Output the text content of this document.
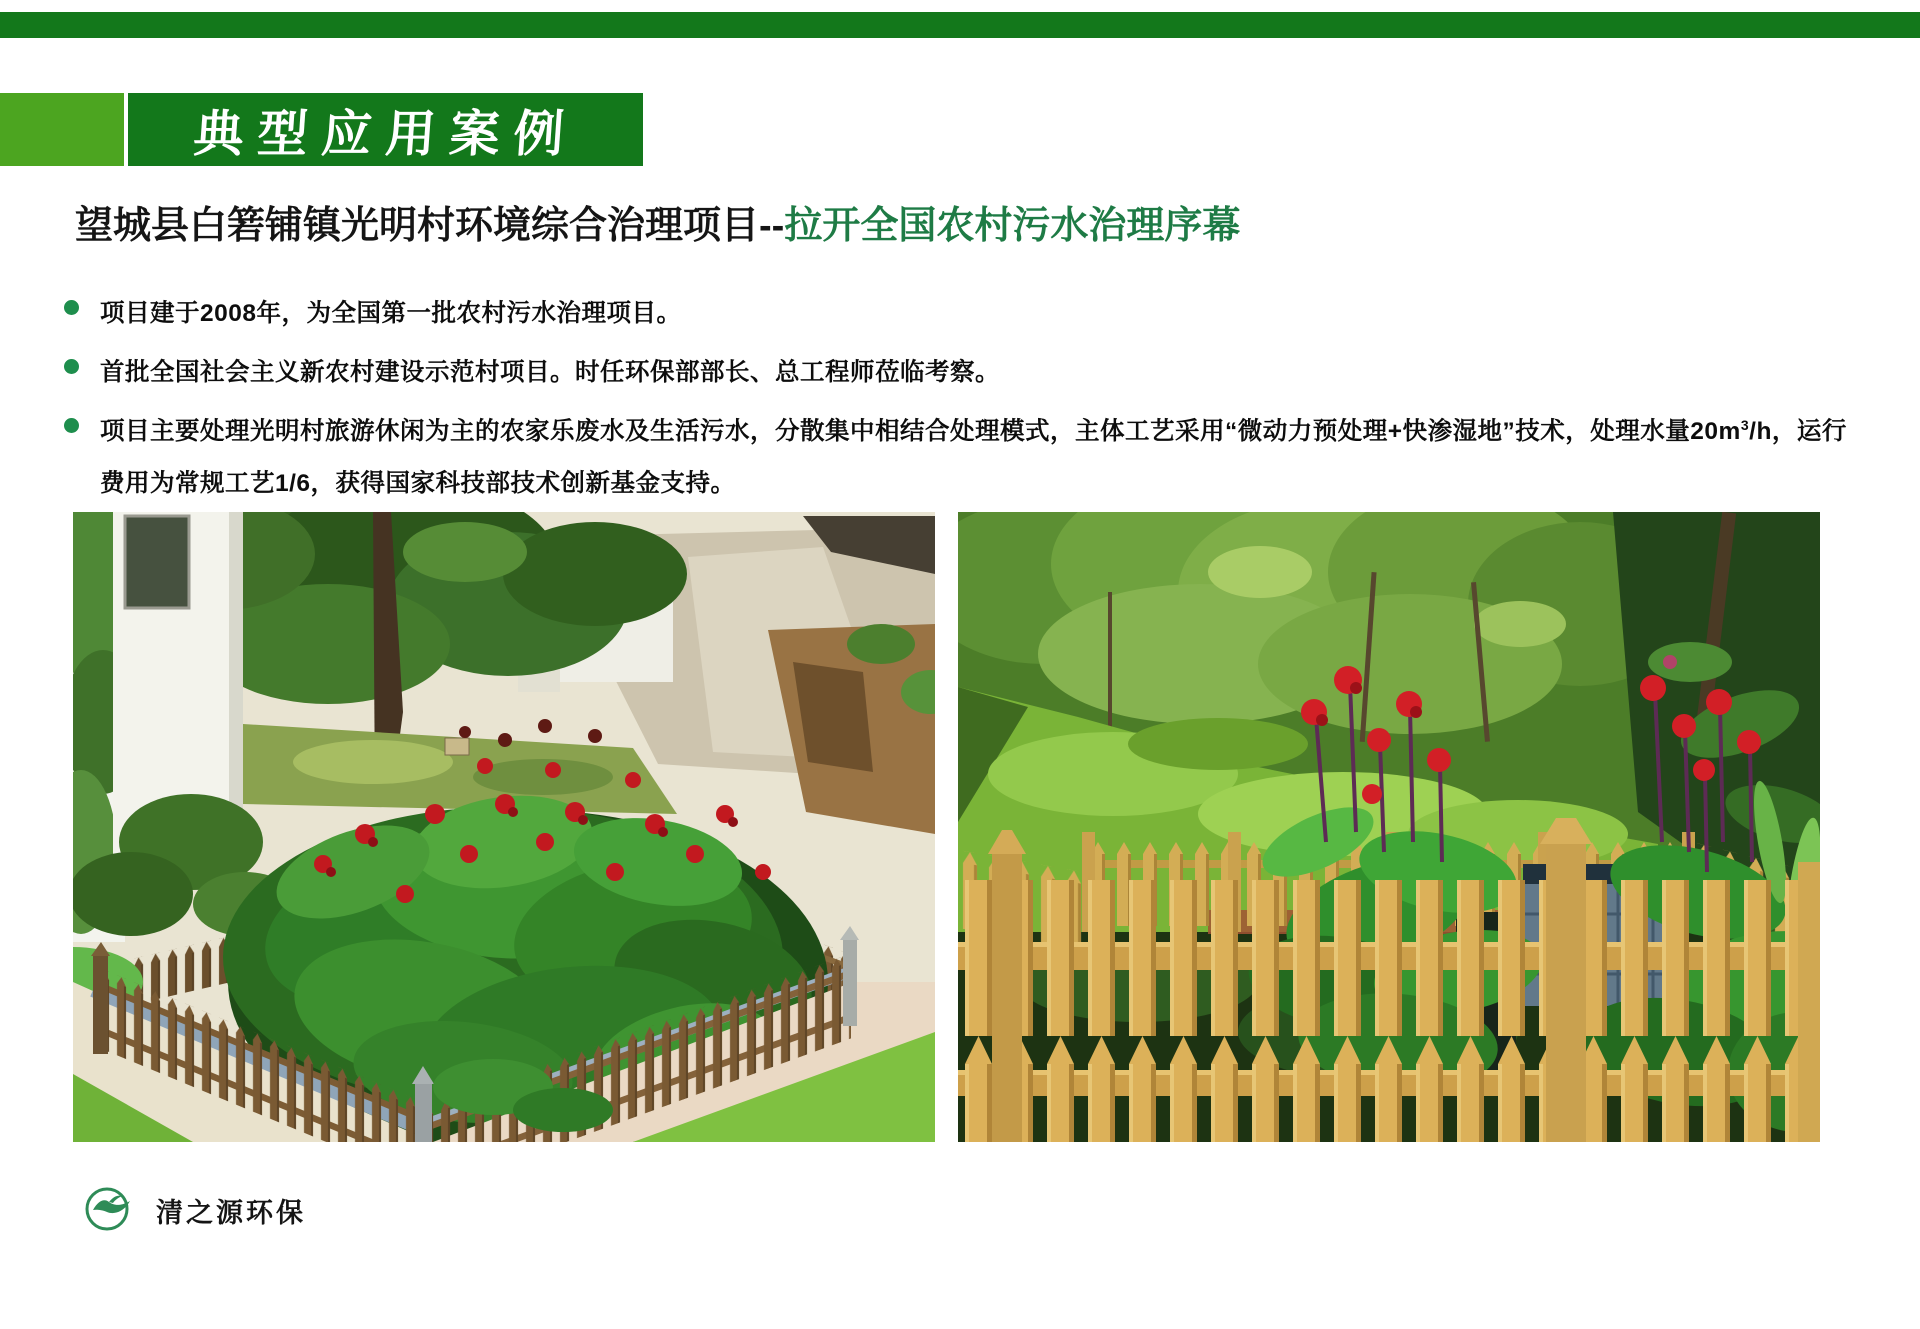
典型应用案例
望城县白箬铺镇光明村环境综合治理项目--拉开全国农村污水治理序幕
项目建于2008年，为全国第一批农村污水治理项目。
首批全国社会主义新农村建设示范村项目。时任环保部部长、总工程师莅临考察。
项目主要处理光明村旅游休闲为主的农家乐废水及生活污水，分散集中相结合处理模式，主体工艺采用“微动力预处理+快渗湿地”技术，处理水量$20m^3/h$，运行费用为常规工艺1/6，获得国家科技部技术创新基金支持。
清之源环保
